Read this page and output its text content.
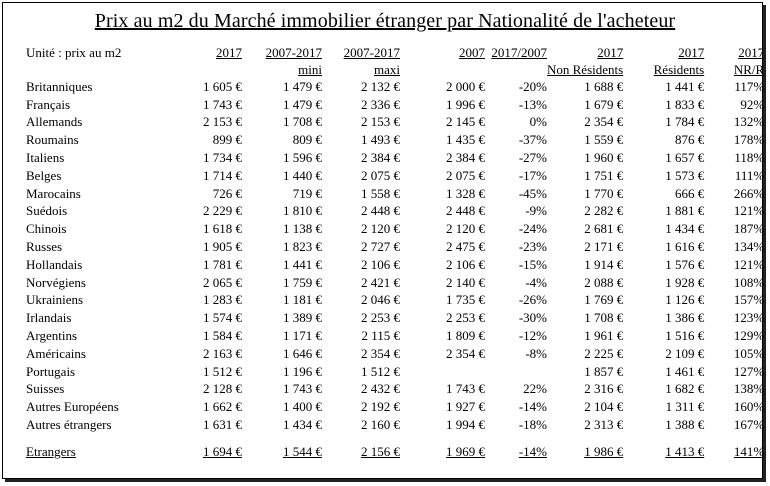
Prix au m2 du Marché immobilier étranger par Nationalité de l'acheteur
Unité : prix au m2	2017	2007-2017	2007-2017	2007	2017/2007	2017	2017	2017
		mini	maxi			Non Résidents	Résidents	NR/R
Britanniques	1 605 €	1 479 €	2 132 €	2 000 €	-20%	1 688 €	1 441 €	117%
Français	1 743 €	1 479 €	2 336 €	1 996 €	-13%	1 679 €	1 833 €	92%
Allemands	2 153 €	1 708 €	2 153 €	2 145 €	0%	2 354 €	1 784 €	132%
Roumains	899 €	809 €	1 493 €	1 435 €	-37%	1 559 €	876 €	178%
Italiens	1 734 €	1 596 €	2 384 €	2 384 €	-27%	1 960 €	1 657 €	118%
Belges	1 714 €	1 440 €	2 075 €	2 075 €	-17%	1 751 €	1 573 €	111%
Marocains	726 €	719 €	1 558 €	1 328 €	-45%	1 770 €	666 €	266%
Suédois	2 229 €	1 810 €	2 448 €	2 448 €	-9%	2 282 €	1 881 €	121%
Chinois	1 618 €	1 138 €	2 120 €	2 120 €	-24%	2 681 €	1 434 €	187%
Russes	1 905 €	1 823 €	2 727 €	2 475 €	-23%	2 171 €	1 616 €	134%
Hollandais	1 781 €	1 441 €	2 106 €	2 106 €	-15%	1 914 €	1 576 €	121%
Norvégiens	2 065 €	1 759 €	2 421 €	2 140 €	-4%	2 088 €	1 928 €	108%
Ukrainiens	1 283 €	1 181 €	2 046 €	1 735 €	-26%	1 769 €	1 126 €	157%
Irlandais	1 574 €	1 389 €	2 253 €	2 253 €	-30%	1 708 €	1 386 €	123%
Argentins	1 584 €	1 171 €	2 115 €	1 809 €	-12%	1 961 €	1 516 €	129%
Américains	2 163 €	1 646 €	2 354 €	2 354 €	-8%	2 225 €	2 109 €	105%
Portugais	1 512 €	1 196 €	1 512 €			1 857 €	1 461 €	127%
Suisses	2 128 €	1 743 €	2 432 €	1 743 €	22%	2 316 €	1 682 €	138%
Autres Européens	1 662 €	1 400 €	2 192 €	1 927 €	-14%	2 104 €	1 311 €	160%
Autres étrangers	1 631 €	1 434 €	2 160 €	1 994 €	-18%	2 313 €	1 388 €	167%

Etrangers	1 694 €	1 544 €	2 156 €	1 969 €	-14%	1 986 €	1 413 €	141%
